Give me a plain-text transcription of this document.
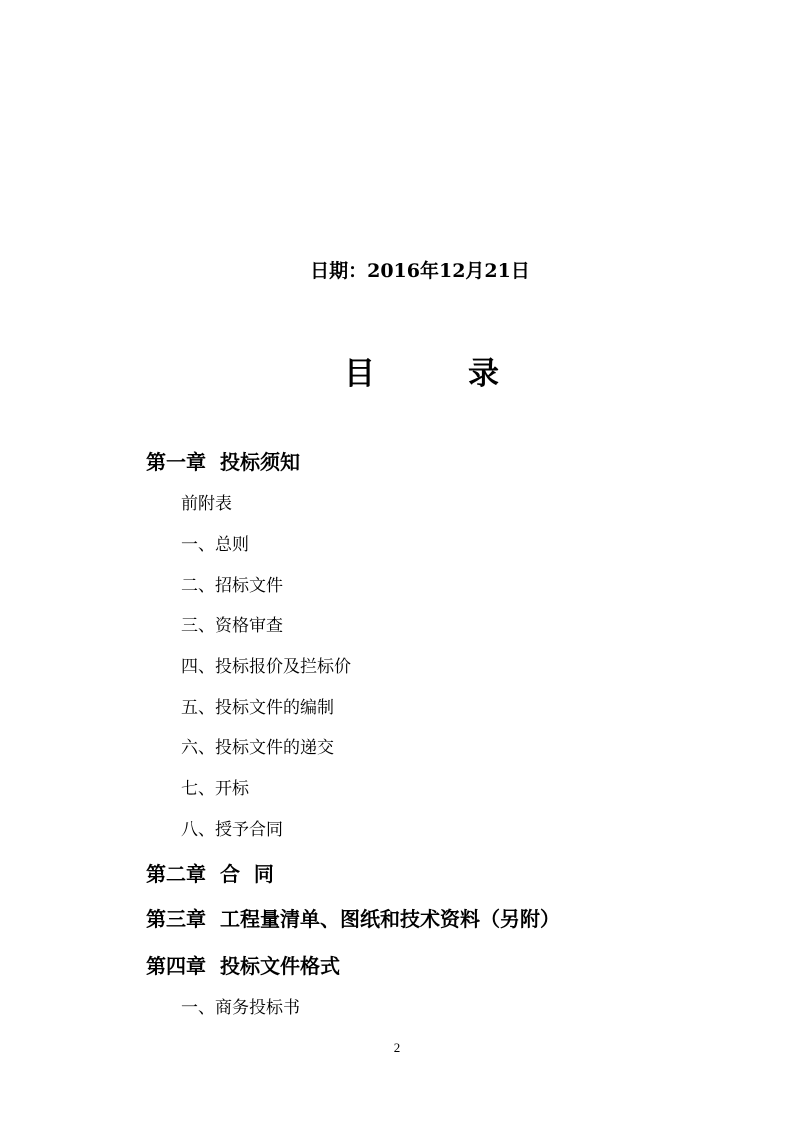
日期：2016年12月21日
目	录
第一章 投标须知
前附表
一、总则
二、招标文件
三、资格审查
四、投标报价及拦标价
五、投标文件的编制
六、投标文件的递交
七、开标
八、授予合同
第二章 合  同
第三章 工程量清单、图纸和技术资料（另附）
第四章 投标文件格式
一、商务投标书
2
